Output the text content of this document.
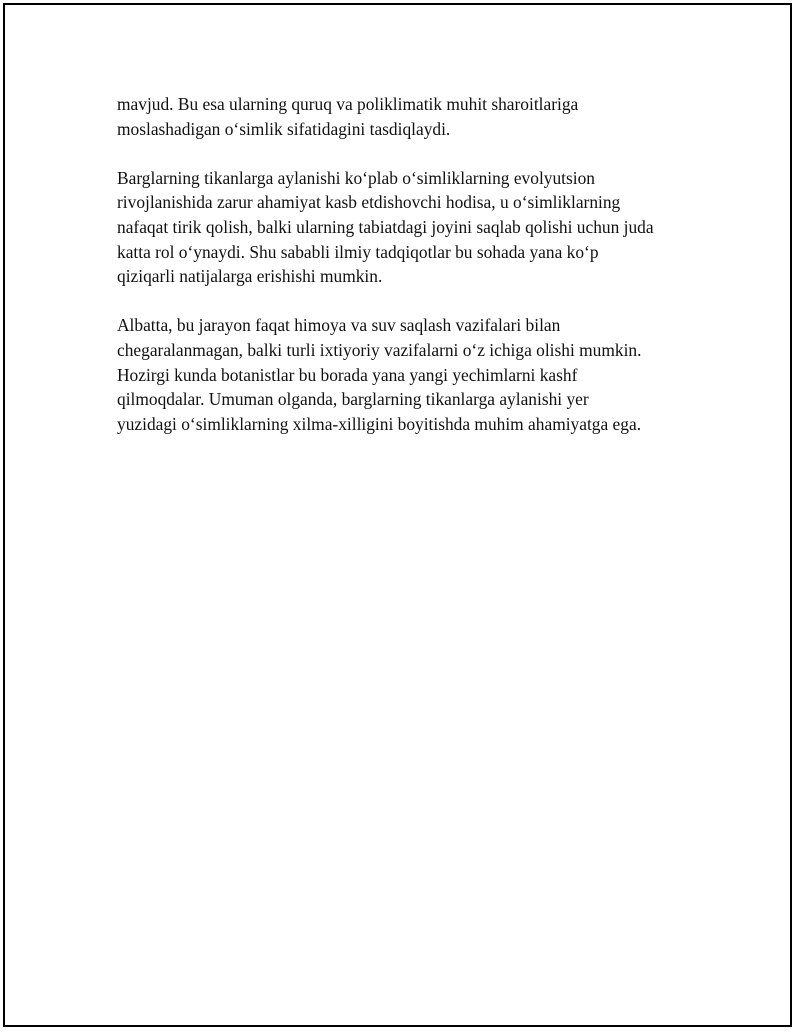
mavjud. Bu esa ularning quruq va poliklimatik muhit sharoitlariga
moslashadigan o‘simlik sifatidagini tasdiqlaydi.
Barglarning tikanlarga aylanishi ko‘plab o‘simliklarning evolyutsion
rivojlanishida zarur ahamiyat kasb etdishovchi hodisa, u o‘simliklarning
nafaqat tirik qolish, balki ularning tabiatdagi joyini saqlab qolishi uchun juda
katta rol o‘ynaydi. Shu sababli ilmiy tadqiqotlar bu sohada yana ko‘p
qiziqarli natijalarga erishishi mumkin.
Albatta, bu jarayon faqat himoya va suv saqlash vazifalari bilan
chegaralanmagan, balki turli ixtiyoriy vazifalarni o‘z ichiga olishi mumkin.
Hozirgi kunda botanistlar bu borada yana yangi yechimlarni kashf
qilmoqdalar. Umuman olganda, barglarning tikanlarga aylanishi yer
yuzidagi o‘simliklarning xilma-xilligini boyitishda muhim ahamiyatga ega.
